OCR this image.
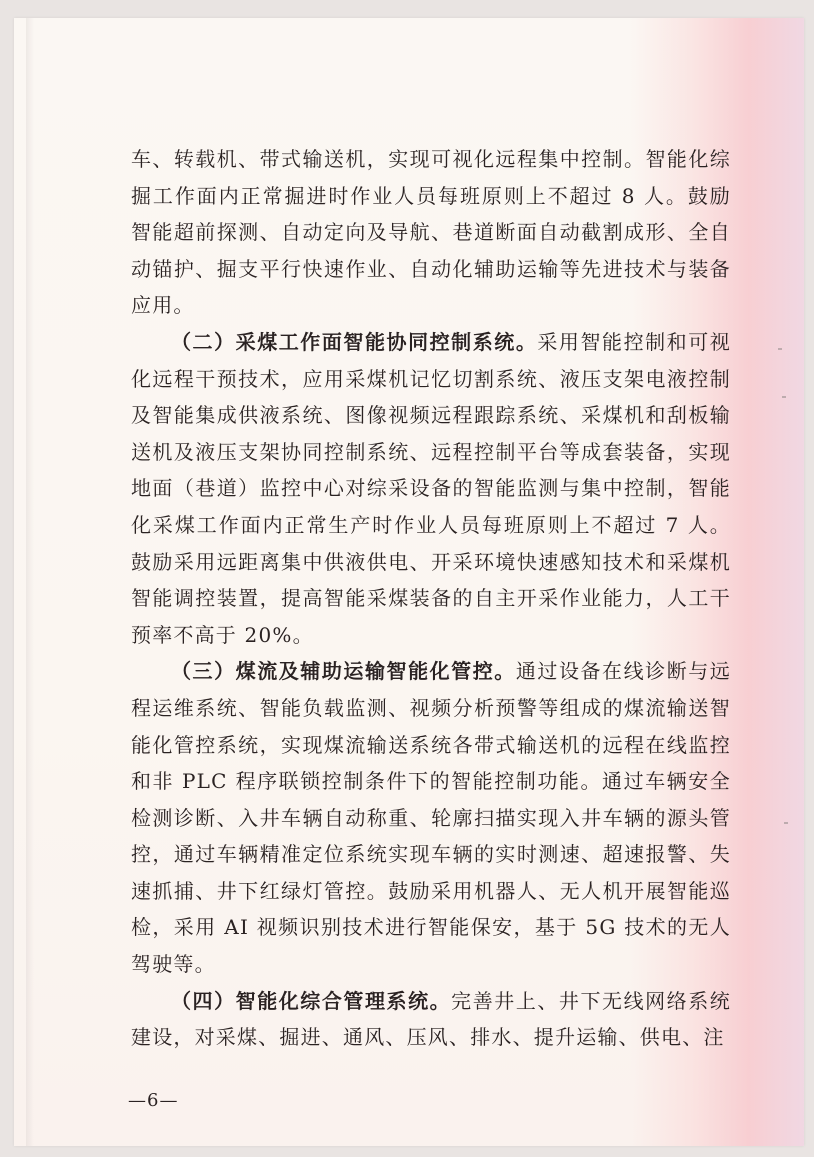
车、转载机、带式输送机，实现可视化远程集中控制。智能化综掘工作面内正常掘进时作业人员每班原则上不超过 8 人。鼓励智能超前探测、自动定向及导航、巷道断面自动截割成形、全自动锚护、掘支平行快速作业、自动化辅助运输等先进技术与装备应用。

（二）采煤工作面智能协同控制系统。采用智能控制和可视化远程干预技术，应用采煤机记忆切割系统、液压支架电液控制及智能集成供液系统、图像视频远程跟踪系统、采煤机和刮板输送机及液压支架协同控制系统、远程控制平台等成套装备，实现地面（巷道）监控中心对综采设备的智能监测与集中控制，智能化采煤工作面内正常生产时作业人员每班原则上不超过 7 人。鼓励采用远距离集中供液供电、开采环境快速感知技术和采煤机智能调控装置，提高智能采煤装备的自主开采作业能力，人工干预率不高于 20%。

（三）煤流及辅助运输智能化管控。通过设备在线诊断与远程运维系统、智能负载监测、视频分析预警等组成的煤流输送智能化管控系统，实现煤流输送系统各带式输送机的远程在线监控和非 PLC 程序联锁控制条件下的智能控制功能。通过车辆安全检测诊断、入井车辆自动称重、轮廓扫描实现入井车辆的源头管控，通过车辆精准定位系统实现车辆的实时测速、超速报警、失速抓捕、井下红绿灯管控。鼓励采用机器人、无人机开展智能巡检，采用 AI 视频识别技术进行智能保安，基于 5G 技术的无人驾驶等。

（四）智能化综合管理系统。完善井上、井下无线网络系统建设，对采煤、掘进、通风、压风、排水、提升运输、供电、注

—6—
